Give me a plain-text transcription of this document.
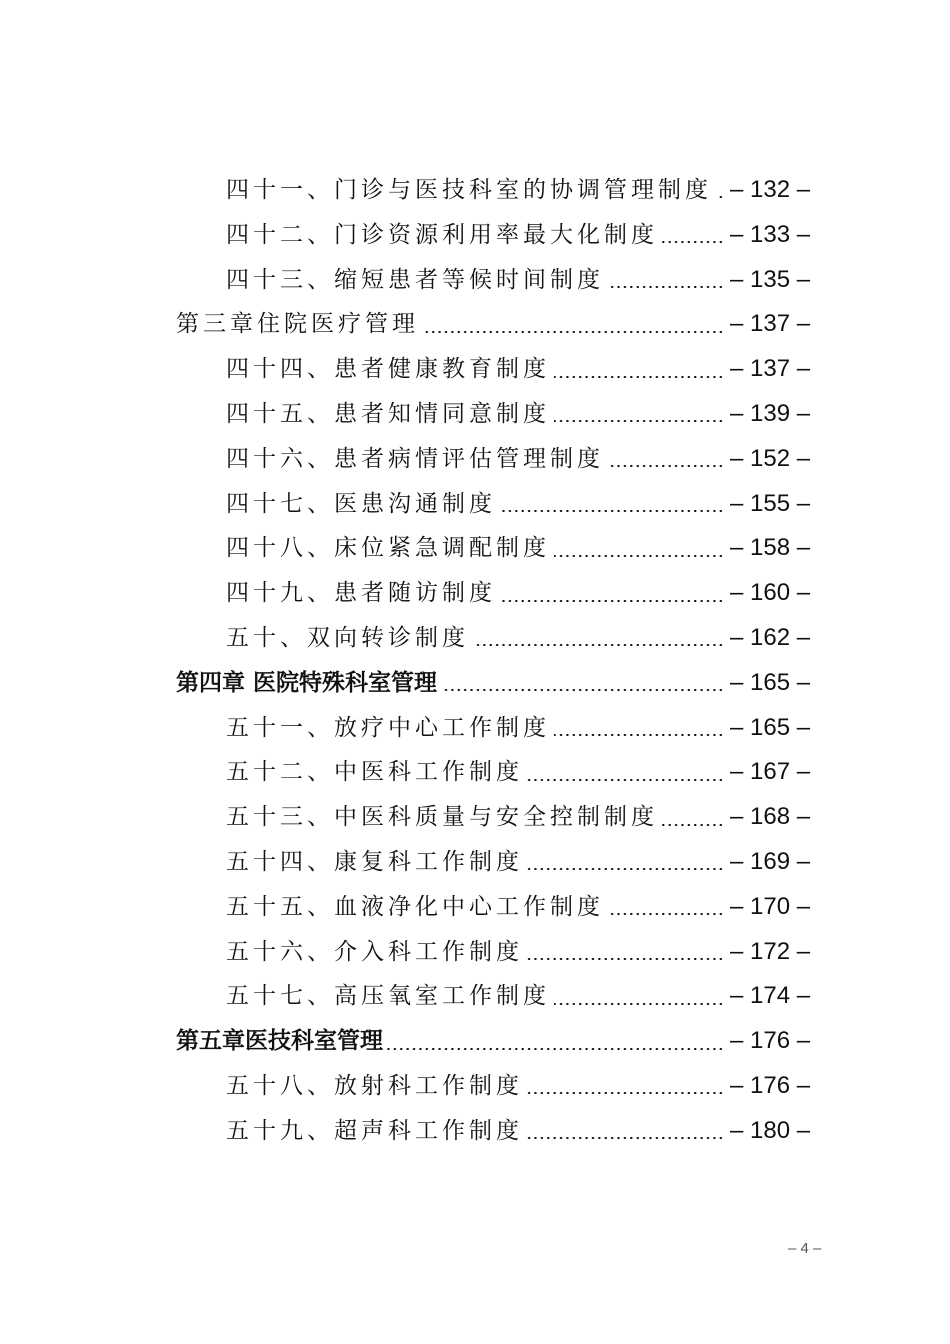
四十一、门诊与医技科室的协调管理制度 – 132 –
四十二、门诊资源利用率最大化制度	– 133 –
四十三、缩短患者等候时间制度	– 135 –
第三章住院医疗管理	– 137 –
四十四、患者健康教育制度	– 137 –
四十五、患者知情同意制度	– 139 –
四十六、患者病情评估管理制度	– 152 –
四十七、医患沟通制度	– 155 –
四十八、床位紧急调配制度	– 158 –
四十九、患者随访制度	– 160 –
五十、双向转诊制度	– 162 –
第四章 医院特殊科室管理	– 165 –
五十一、放疗中心工作制度	– 165 –
五十二、中医科工作制度	– 167 –
五十三、中医科质量与安全控制制度	– 168 –
五十四、康复科工作制度	– 169 –
五十五、血液净化中心工作制度	– 170 –
五十六、介入科工作制度	– 172 –
五十七、高压氧室工作制度	– 174 –
第五章医技科室管理	– 176 –
五十八、放射科工作制度	– 176 –
五十九、超声科工作制度	– 180 –
– 4 –
